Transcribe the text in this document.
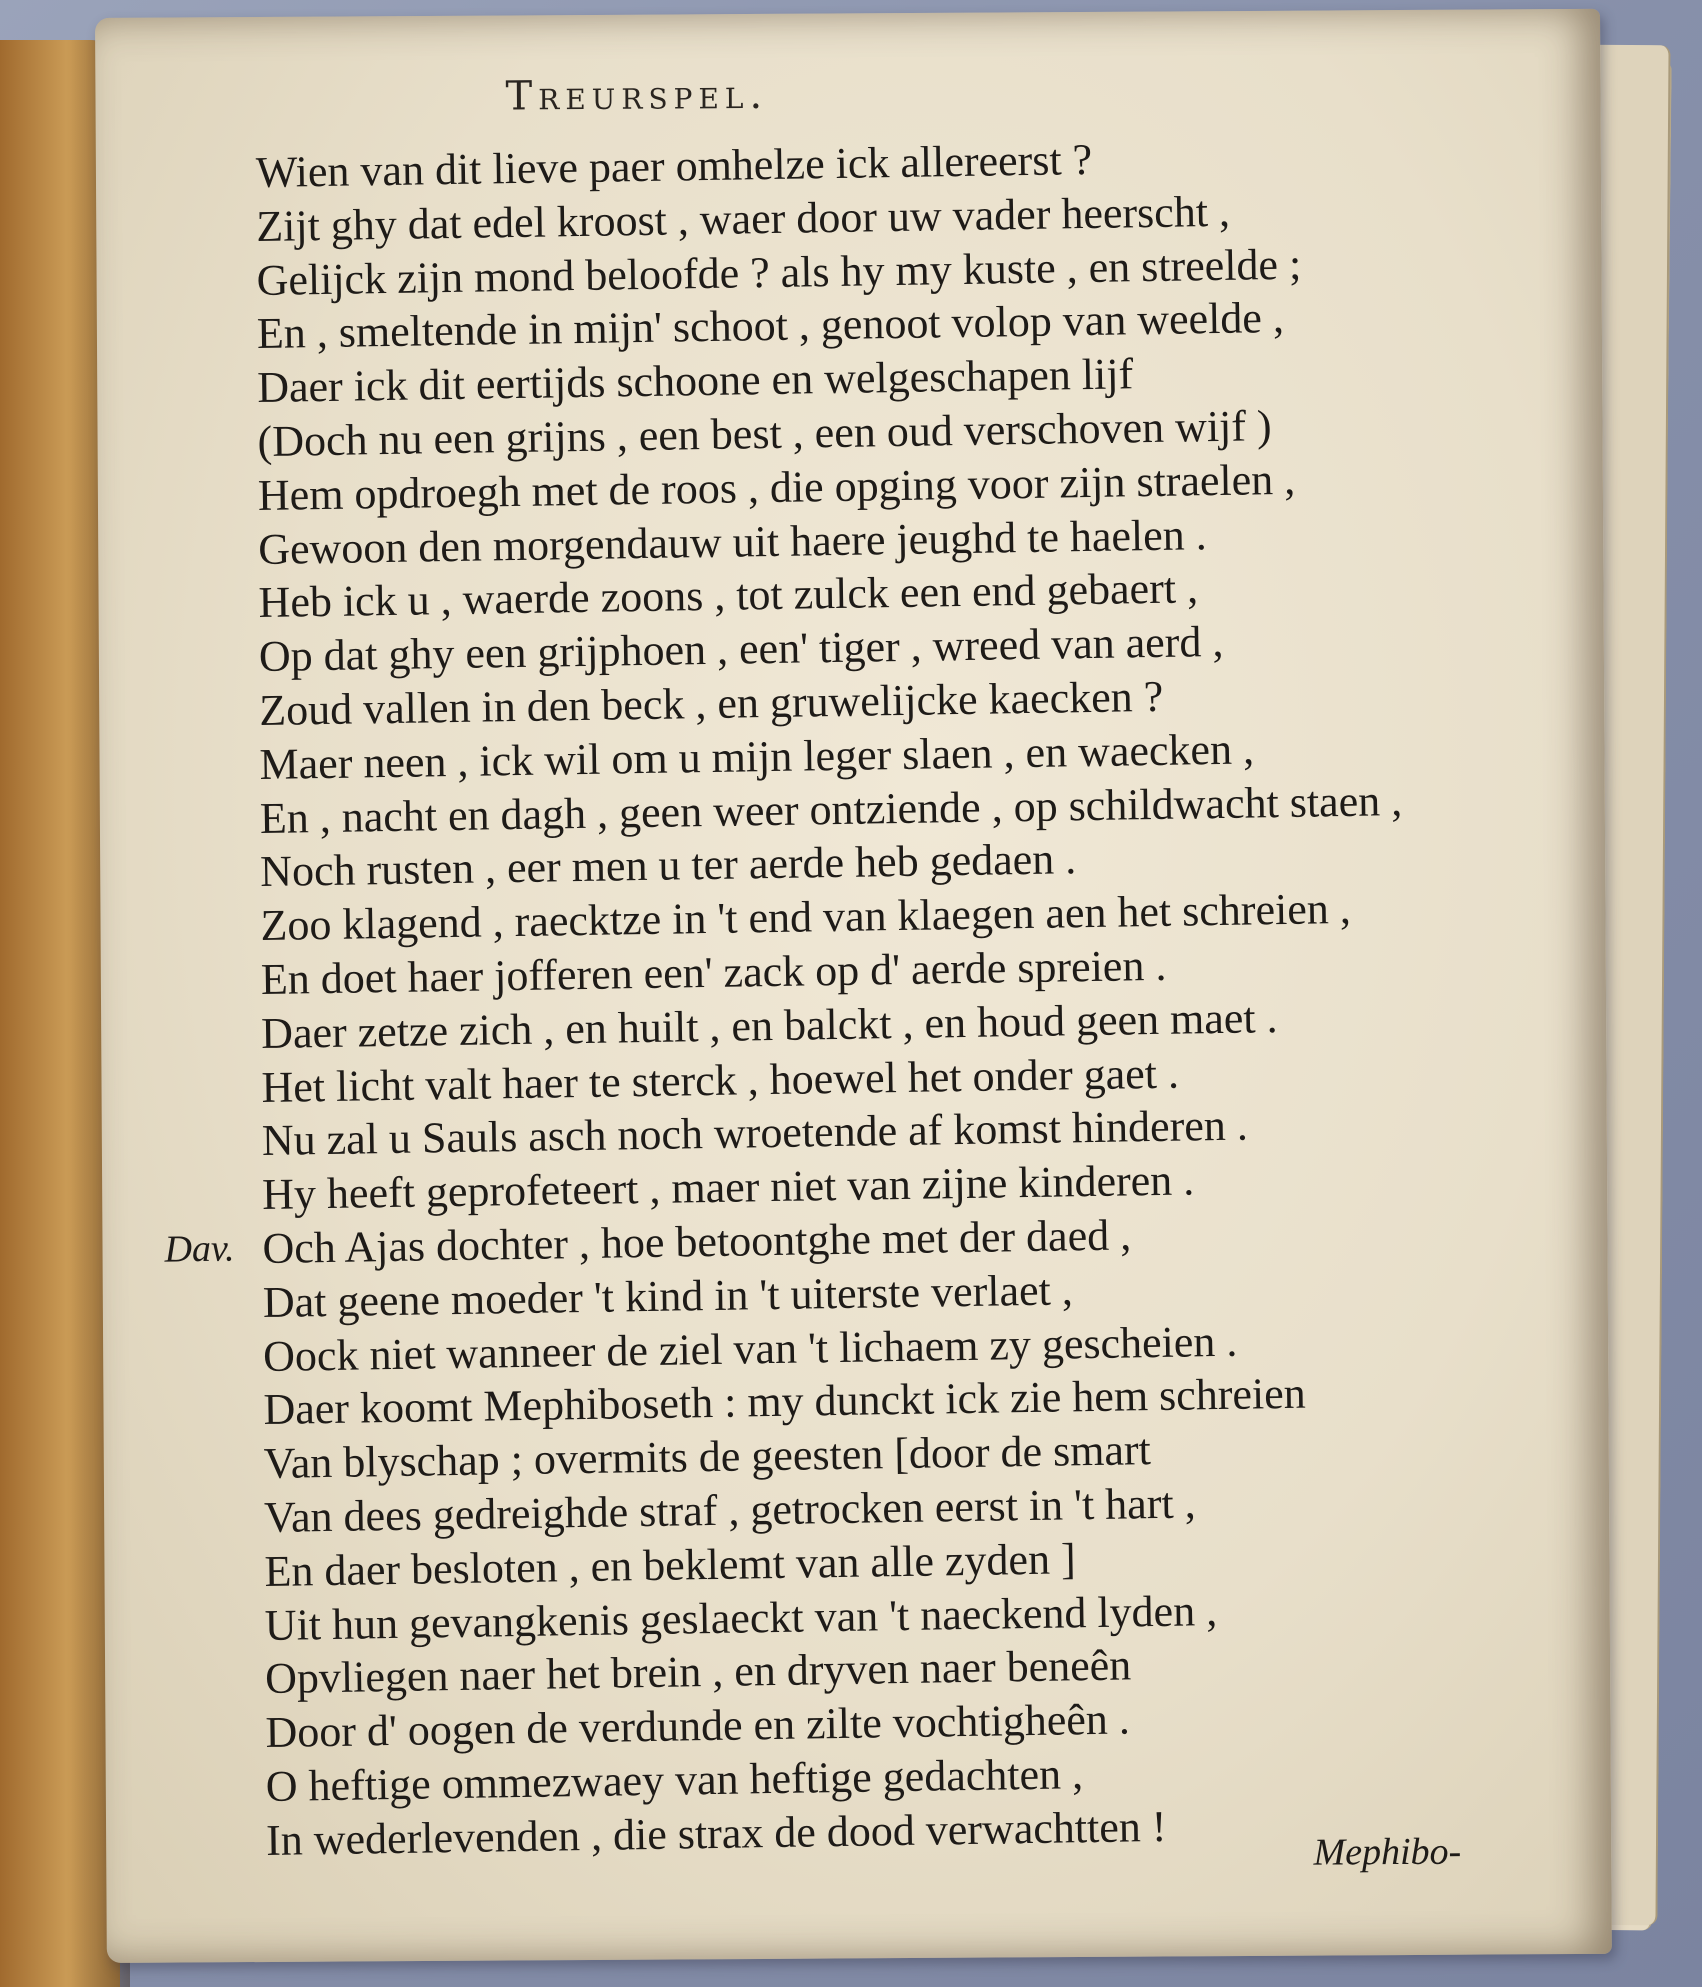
Treurspel.
Wien van dit lieve paer omhelze ick allereerst ?
Zijt ghy dat edel kroost , waer door uw vader heerscht ,
Gelijck zijn mond beloofde ? als hy my kuste , en streelde ;
En , smeltende in mijn' schoot , genoot volop van weelde ,
Daer ick dit eertijds schoone en welgeschapen lijf
(Doch nu een grijns , een best , een oud verschoven wijf )
Hem opdroegh met de roos , die opging voor zijn straelen ,
Gewoon den morgendauw uit haere jeughd te haelen .
Heb ick u , waerde zoons , tot zulck een end gebaert ,
Op dat ghy een grijphoen , een' tiger , wreed van aerd ,
Zoud vallen in den beck , en gruwelijcke kaecken ?
Maer neen , ick wil om u mijn leger slaen , en waecken ,
En , nacht en dagh , geen weer ontziende , op schildwacht staen ,
Noch rusten , eer men u ter aerde heb gedaen .
Zoo klagend , raecktze in 't end van klaegen aen het schreien ,
En doet haer jofferen een' zack op d' aerde spreien .
Daer zetze zich , en huilt , en balckt , en houd geen maet .
Het licht valt haer te sterck , hoewel het onder gaet .
Nu zal u Sauls asch noch wroetende af komst hinderen .
Hy heeft geprofeteert , maer niet van zijne kinderen .
Dav. Och Ajas dochter , hoe betoontghe met der daed ,
Dat geene moeder 't kind in 't uiterste verlaet ,
Oock niet wanneer de ziel van 't lichaem zy gescheien .
Daer koomt Mephiboseth : my dunckt ick zie hem schreien
Van blyschap ; overmits de geesten [door de smart
Van dees gedreighde straf , getrocken eerst in 't hart ,
En daer besloten , en beklemt van alle zyden ]
Uit hun gevangkenis geslaeckt van 't naeckend lyden ,
Opvliegen naer het brein , en dryven naer beneên
Door d' oogen de verdunde en zilte vochtigheên .
O heftige ommezwaey van heftige gedachten ,
In wederlevenden , die strax de dood verwachtten !	Mephibo-
